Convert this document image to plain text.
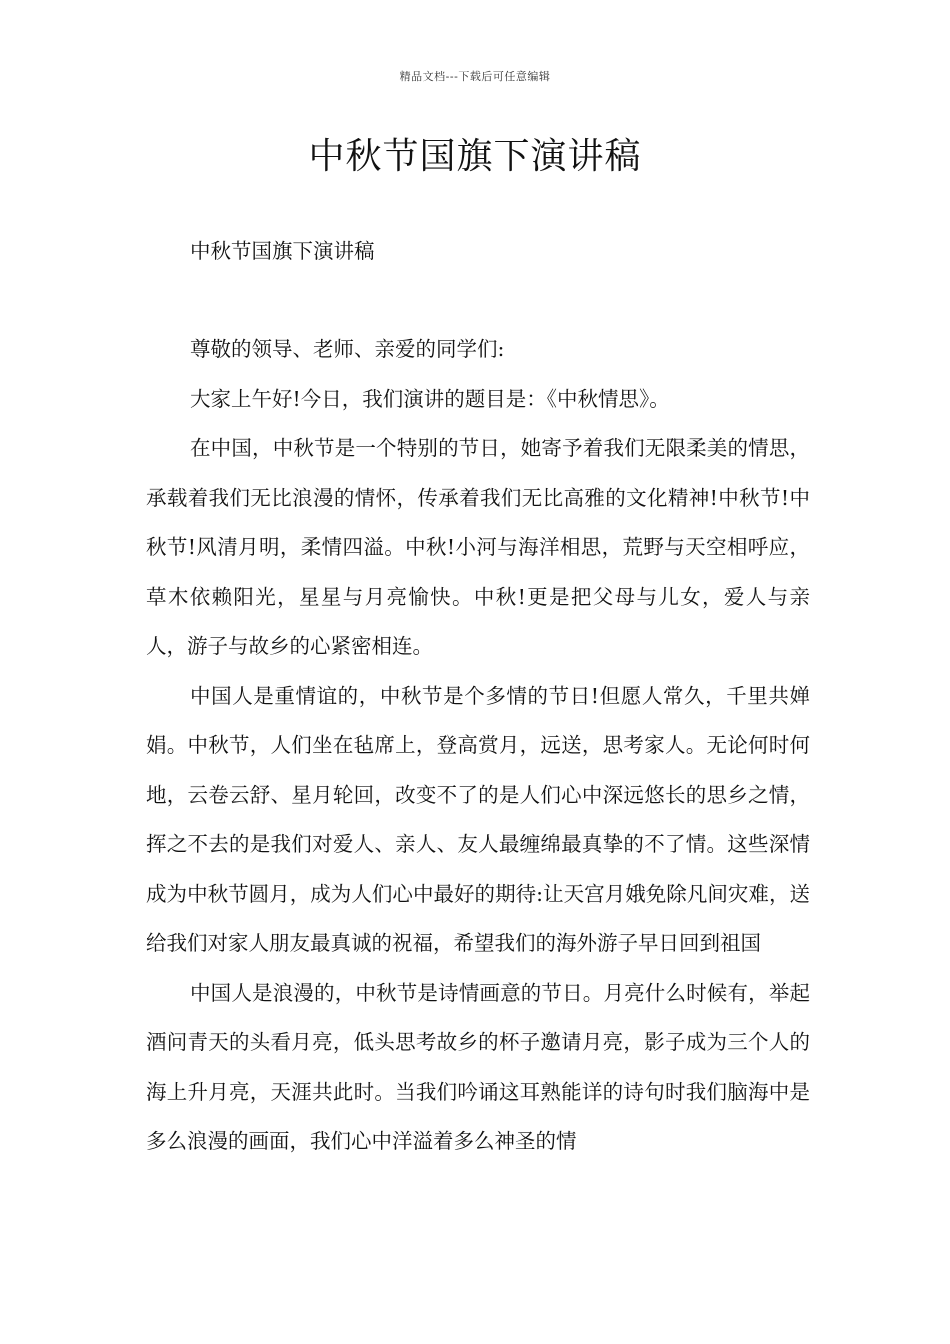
精品文档---下载后可任意编辑
中秋节国旗下演讲稿
中秋节国旗下演讲稿

尊敬的领导、老师、亲爱的同学们:

大家上午好!今日，我们演讲的题目是：《中秋情思》。

在中国，中秋节是一个特别的节日，她寄予着我们无限柔美的情思，承载着我们无比浪漫的情怀，传承着我们无比高雅的文化精神!中秋节!中秋节!风清月明，柔情四溢。中秋!小河与海洋相思，荒野与天空相呼应，草木依赖阳光，星星与月亮愉快。中秋!更是把父母与儿女，爱人与亲人，游子与故乡的心紧密相连。

中国人是重情谊的，中秋节是个多情的节日!但愿人常久，千里共婵娟。中秋节，人们坐在毡席上，登高赏月，远送，思考家人。无论何时何地，云卷云舒、星月轮回，改变不了的是人们心中深远悠长的思乡之情，挥之不去的是我们对爱人、亲人、友人最缠绵最真挚的不了情。这些深情成为中秋节圆月，成为人们心中最好的期待:让天宫月娥免除凡间灾难，送给我们对家人朋友最真诚的祝福，希望我们的海外游子早日回到祖国

中国人是浪漫的，中秋节是诗情画意的节日。月亮什么时候有，举起酒问青天的头看月亮，低头思考故乡的杯子邀请月亮，影子成为三个人的海上升月亮，天涯共此时。当我们吟诵这耳熟能详的诗句时我们脑海中是多么浪漫的画面，我们心中洋溢着多么神圣的情
